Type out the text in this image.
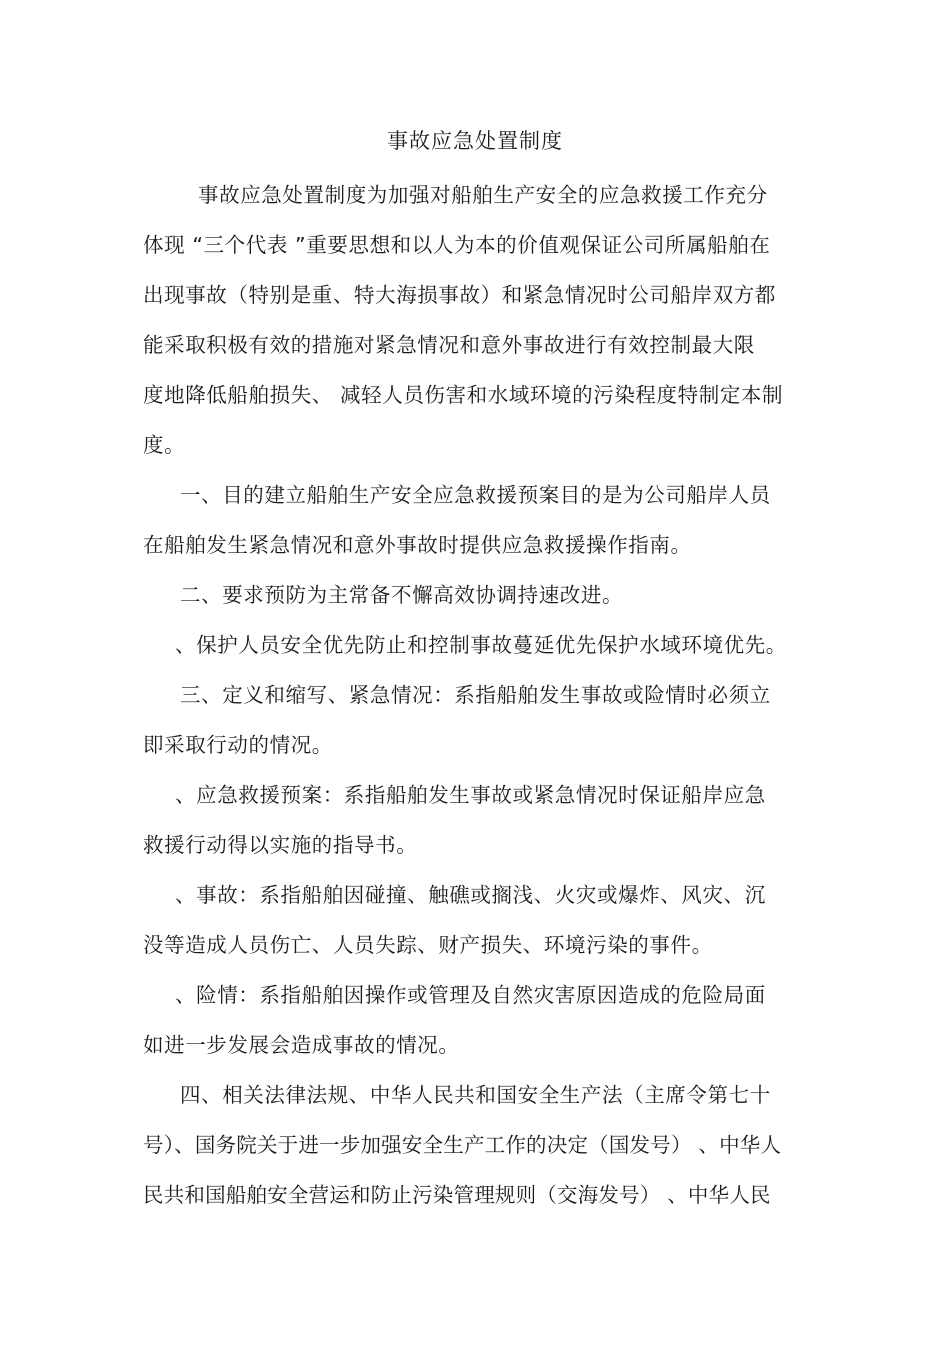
事故应急处置制度
事故应急处置制度为加强对船舶生产安全的应急救援工作充分
体现 “三个代表 ”重要思想和以人为本的价值观保证公司所属船舶在
出现事故（特别是重、特大海损事故）和紧急情况时公司船岸双方都
能采取积极有效的措施对紧急情况和意外事故进行有效控制最大限
度地降低船舶损失、 减轻人员伤害和水域环境的污染程度特制定本制
度。
一、目的建立船舶生产安全应急救援预案目的是为公司船岸人员
在船舶发生紧急情况和意外事故时提供应急救援操作指南。
二、要求预防为主常备不懈高效协调持速改进。
、保护人员安全优先防止和控制事故蔓延优先保护水域环境优先。
三、定义和缩写、紧急情况：系指船舶发生事故或险情时必须立
即采取行动的情况。
、应急救援预案：系指船舶发生事故或紧急情况时保证船岸应急
救援行动得以实施的指导书。
、事故：系指船舶因碰撞、触礁或搁浅、火灾或爆炸、风灾、沉
没等造成人员伤亡、人员失踪、财产损失、环境污染的事件。
、险情：系指船舶因操作或管理及自然灾害原因造成的危险局面
如进一步发展会造成事故的情况。
四、相关法律法规、中华人民共和国安全生产法（主席令第七十
号）、国务院关于进一步加强安全生产工作的决定（国发号） 、中华人
民共和国船舶安全营运和防止污染管理规则（交海发号） 、中华人民
